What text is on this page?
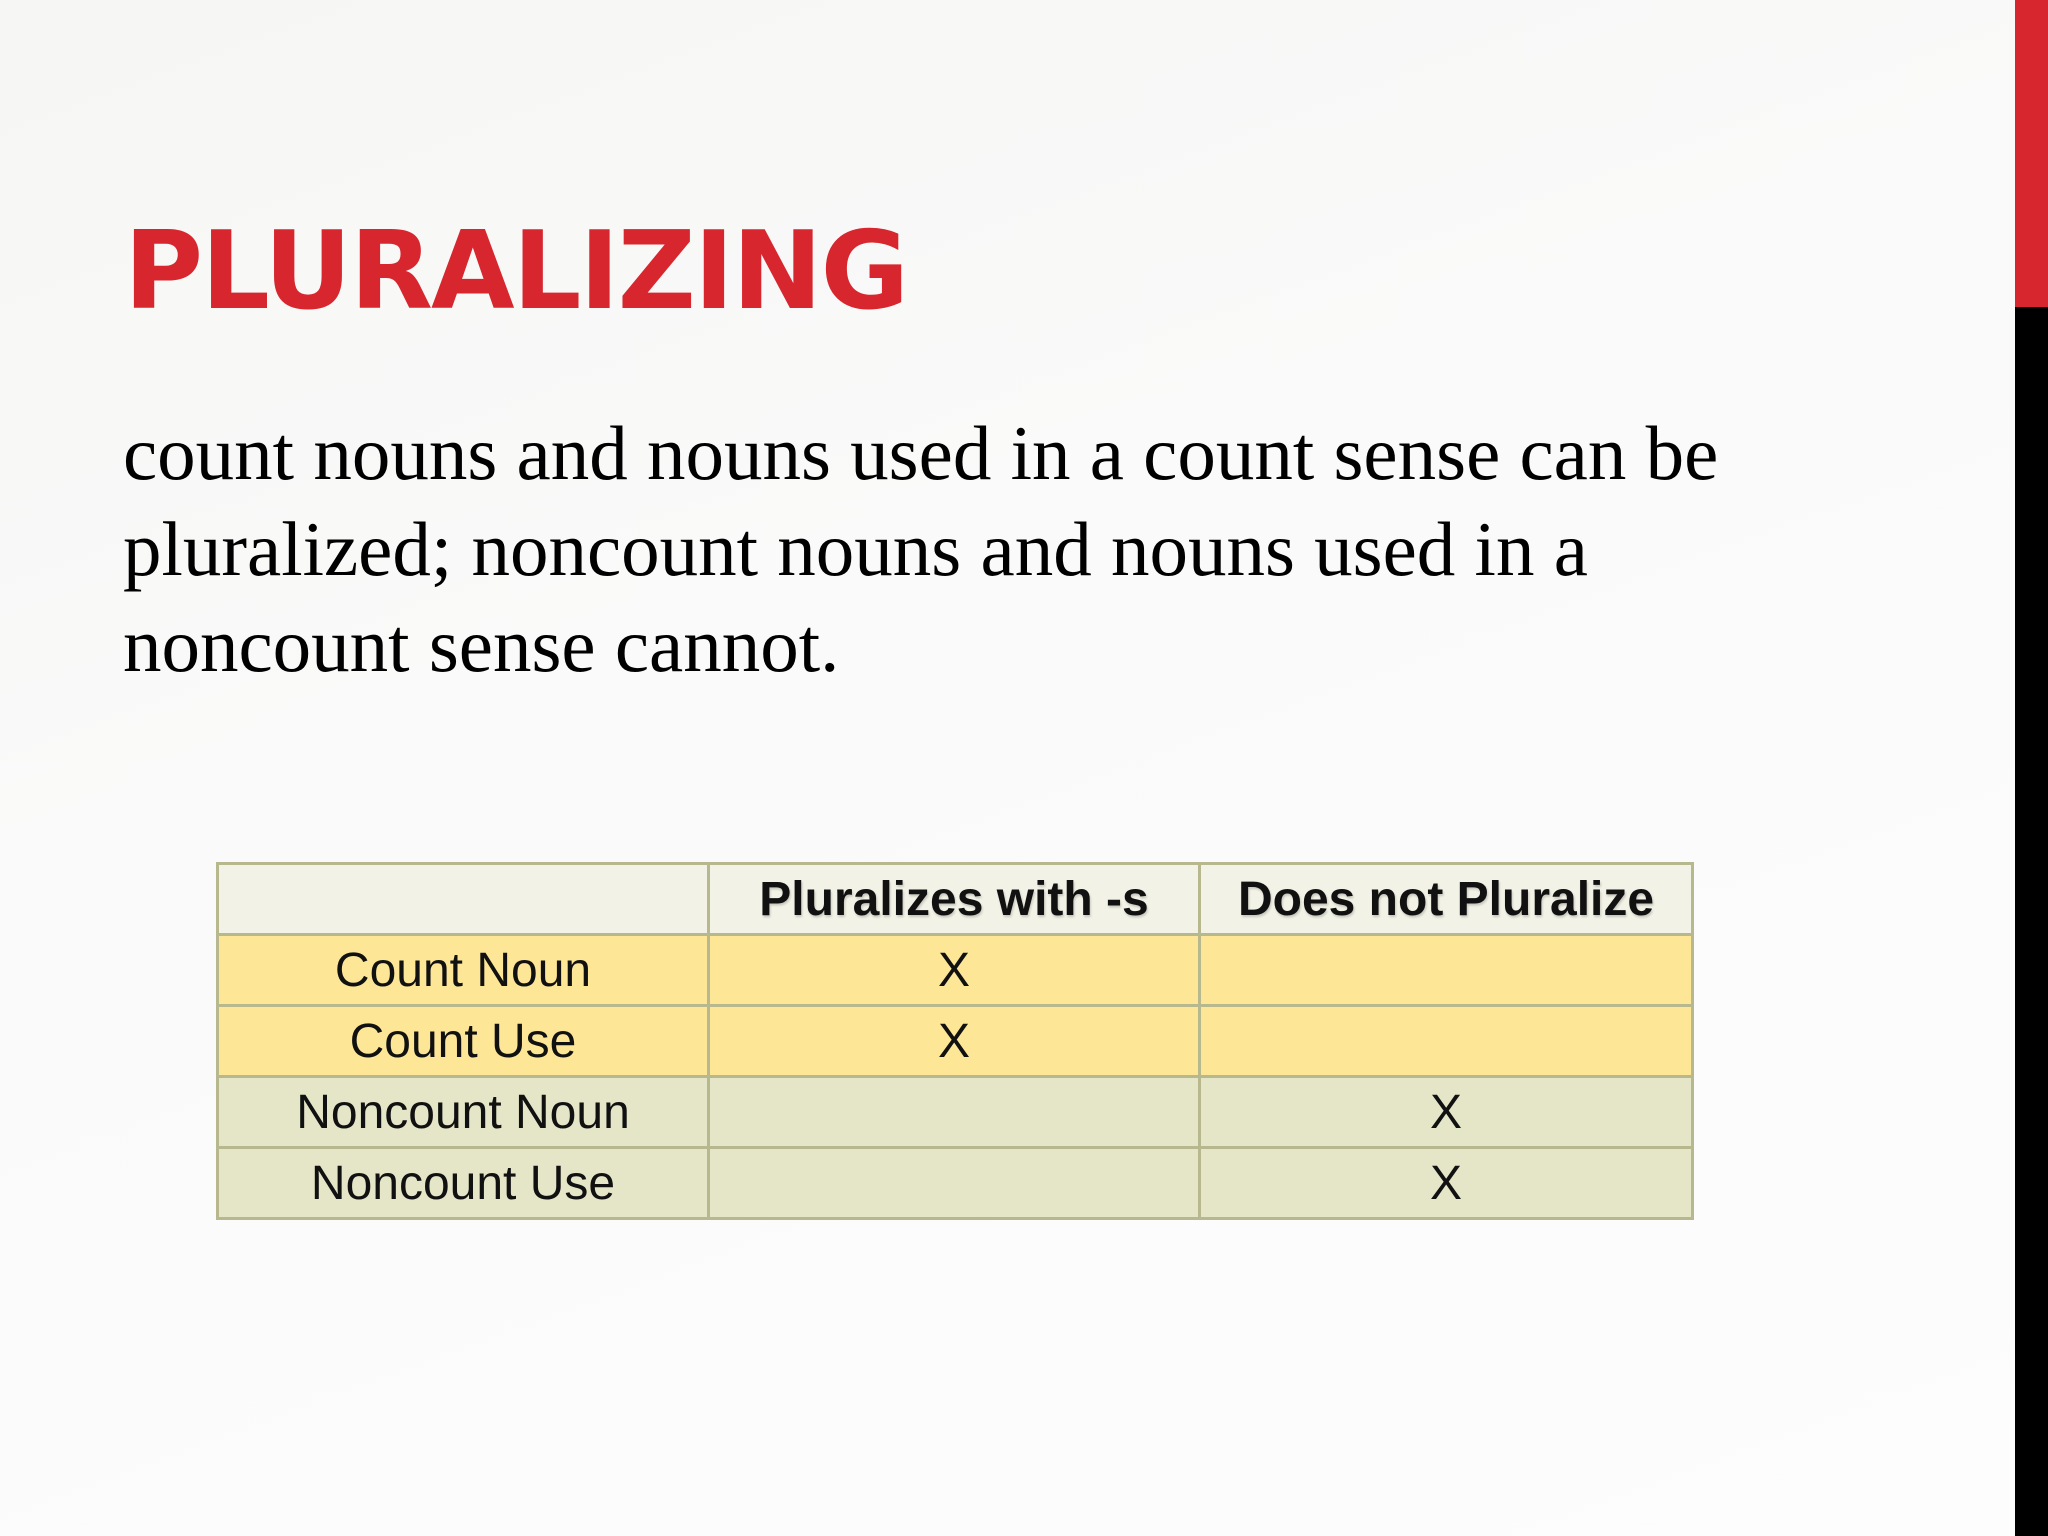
PLURALIZING

count nouns and nouns used in a count sense can be pluralized; noncount nouns and nouns used in a noncount sense cannot.

	Pluralizes with -s	Does not Pluralize
Count Noun	X	
Count Use	X	
Noncount Noun		X
Noncount Use		X
